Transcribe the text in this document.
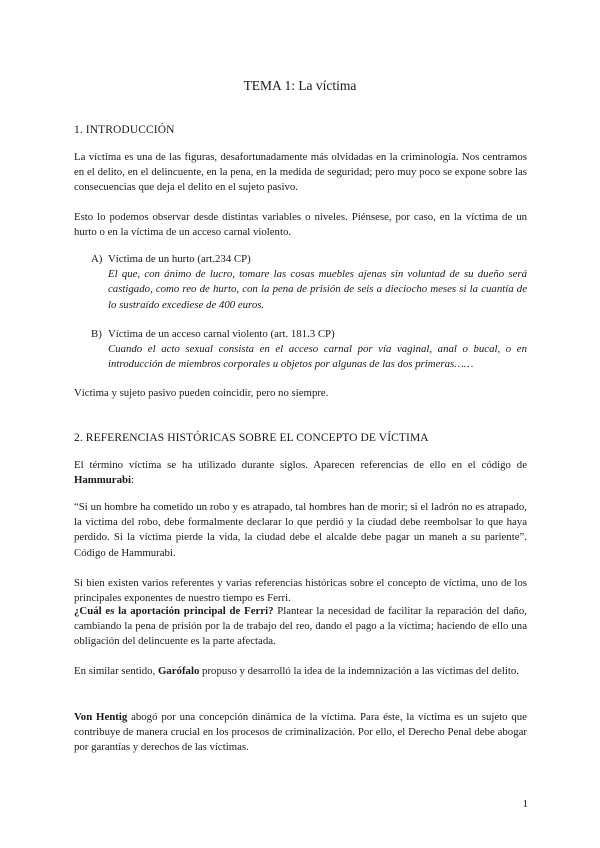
TEMA 1: La víctima
1. INTRODUCCIÓN

La víctima es una de las figuras, desafortunadamente más olvidadas en la criminología. Nos centramos en el delito, en el delincuente, en la pena, en la medida de seguridad; pero muy poco se expone sobre las consecuencias que deja el delito en el sujeto pasivo.

Esto lo podemos observar desde distintas variables o niveles. Piénsese, por caso, en la víctima de un hurto o en la víctima de un acceso carnal violento.

A) Víctima de un hurto (art.234 CP)
El que, con ánimo de lucro, tomare las cosas muebles ajenas sin voluntad de su dueño será castigado, como reo de hurto, con la pena de prisión de seis a dieciocho meses si la cuantía de lo sustraído excediese de 400 euros.
B) Víctima de un acceso carnal violento (art. 181.3 CP)
Cuando el acto sexual consista en el acceso carnal por vía vaginal, anal o bucal, o en introducción de miembros corporales u objetos por algunas de las dos primeras……

Víctima y sujeto pasivo pueden coincidir, pero no siempre.

2. REFERENCIAS HISTÓRICAS SOBRE EL CONCEPTO DE VÍCTIMA

El término víctima se ha utilizado durante siglos. Aparecen referencias de ello en el código de Hammurabi:

“Si un hombre ha cometido un robo y es atrapado, tal hombres han de morir; si el ladrón no es atrapado, la víctima del robo, debe formalmente declarar lo que perdió y la ciudad debe reembolsar lo que haya perdido. Si la víctima pierde la vida, la ciudad debe el alcalde debe pagar un maneh a su pariente”. Código de Hammurabi.

Si bien existen varios referentes y varias referencias históricas sobre el concepto de víctima, uno de los principales exponentes de nuestro tiempo es Ferri.

¿Cuál es la aportación principal de Ferri? Plantear la necesidad de facilitar la reparación del daño, cambiando la pena de prisión por la de trabajo del reo, dando el pago a la víctima; haciendo de ello una obligación del delincuente es la parte afectada.

En similar sentido, Garófalo propuso y desarrolló la idea de la indemnización a las víctimas del delito.

Von Hentig abogó por una concepción dinámica de la víctima. Para éste, la víctima es un sujeto que contribuye de manera crucial en los procesos de criminalización. Por ello, el Derecho Penal debe abogar por garantías y derechos de las víctimas.

1
